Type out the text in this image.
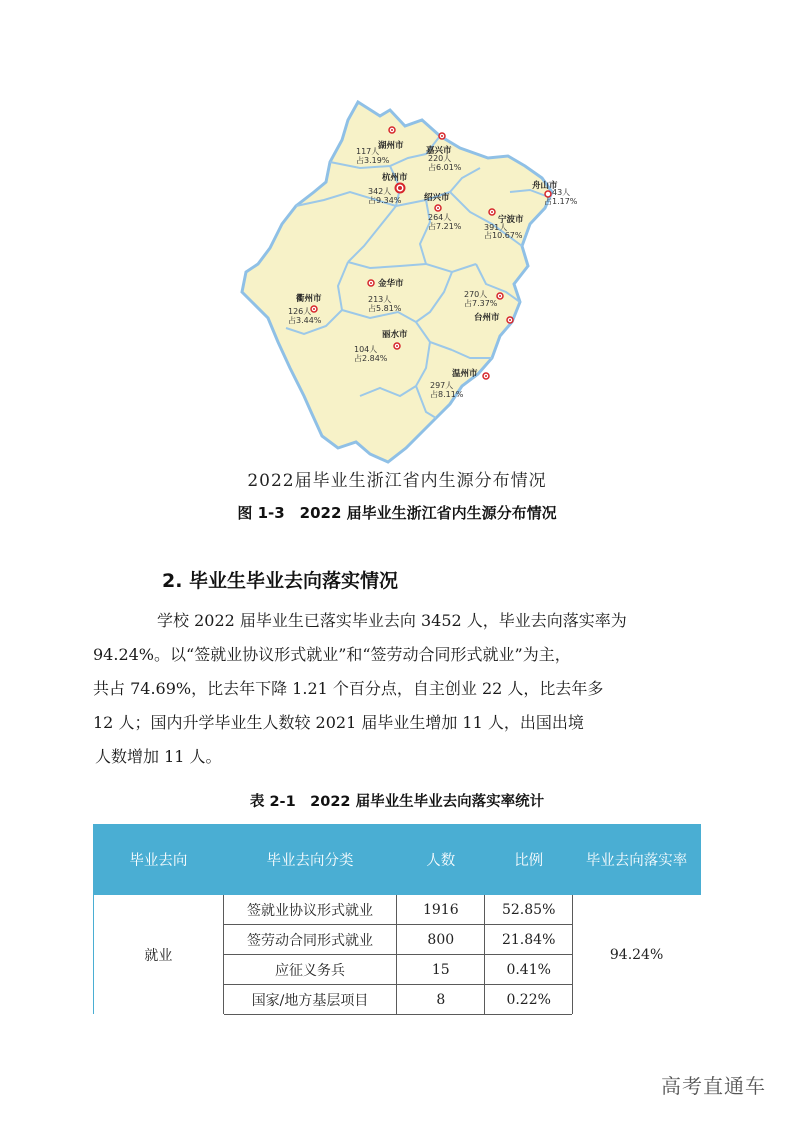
湖州市
117人
占3.19%
嘉兴市
220人
占6.01%
杭州市
342人
占9.34%
舟山市
43人
占1.17%
绍兴市
264人
占7.21%
宁波市
391人
占10.67%
金华市
213人
占5.81%
衢州市
126人
占3.44%
270人
占7.37%
台州市
丽水市
104人
占2.84%
温州市
297人
占8.11%
2022届毕业生浙江省内生源分布情况
图 1-3　2022 届毕业生浙江省内生源分布情况
2. 毕业生毕业去向落实情况
学校 2022 届毕业生已落实毕业去向 3452 人，毕业去向落实率为
94.24%。以“签就业协议形式就业”和“签劳动合同形式就业”为主，
共占 74.69%，比去年下降 1.21 个百分点，自主创业 22 人，比去年多
12 人；国内升学毕业生人数较 2021 届毕业生增加 11 人，出国出境
人数增加 11 人。
表 2-1　2022 届毕业生毕业去向落实率统计
毕业去向	毕业去向分类	人数	比例	毕业去向落实率
就业	签就业协议形式就业	1916	52.85%	94.24%
	签劳动合同形式就业	800	21.84%	
	应征义务兵	15	0.41%	
	国家/地方基层项目	8	0.22%	
高考直通车
